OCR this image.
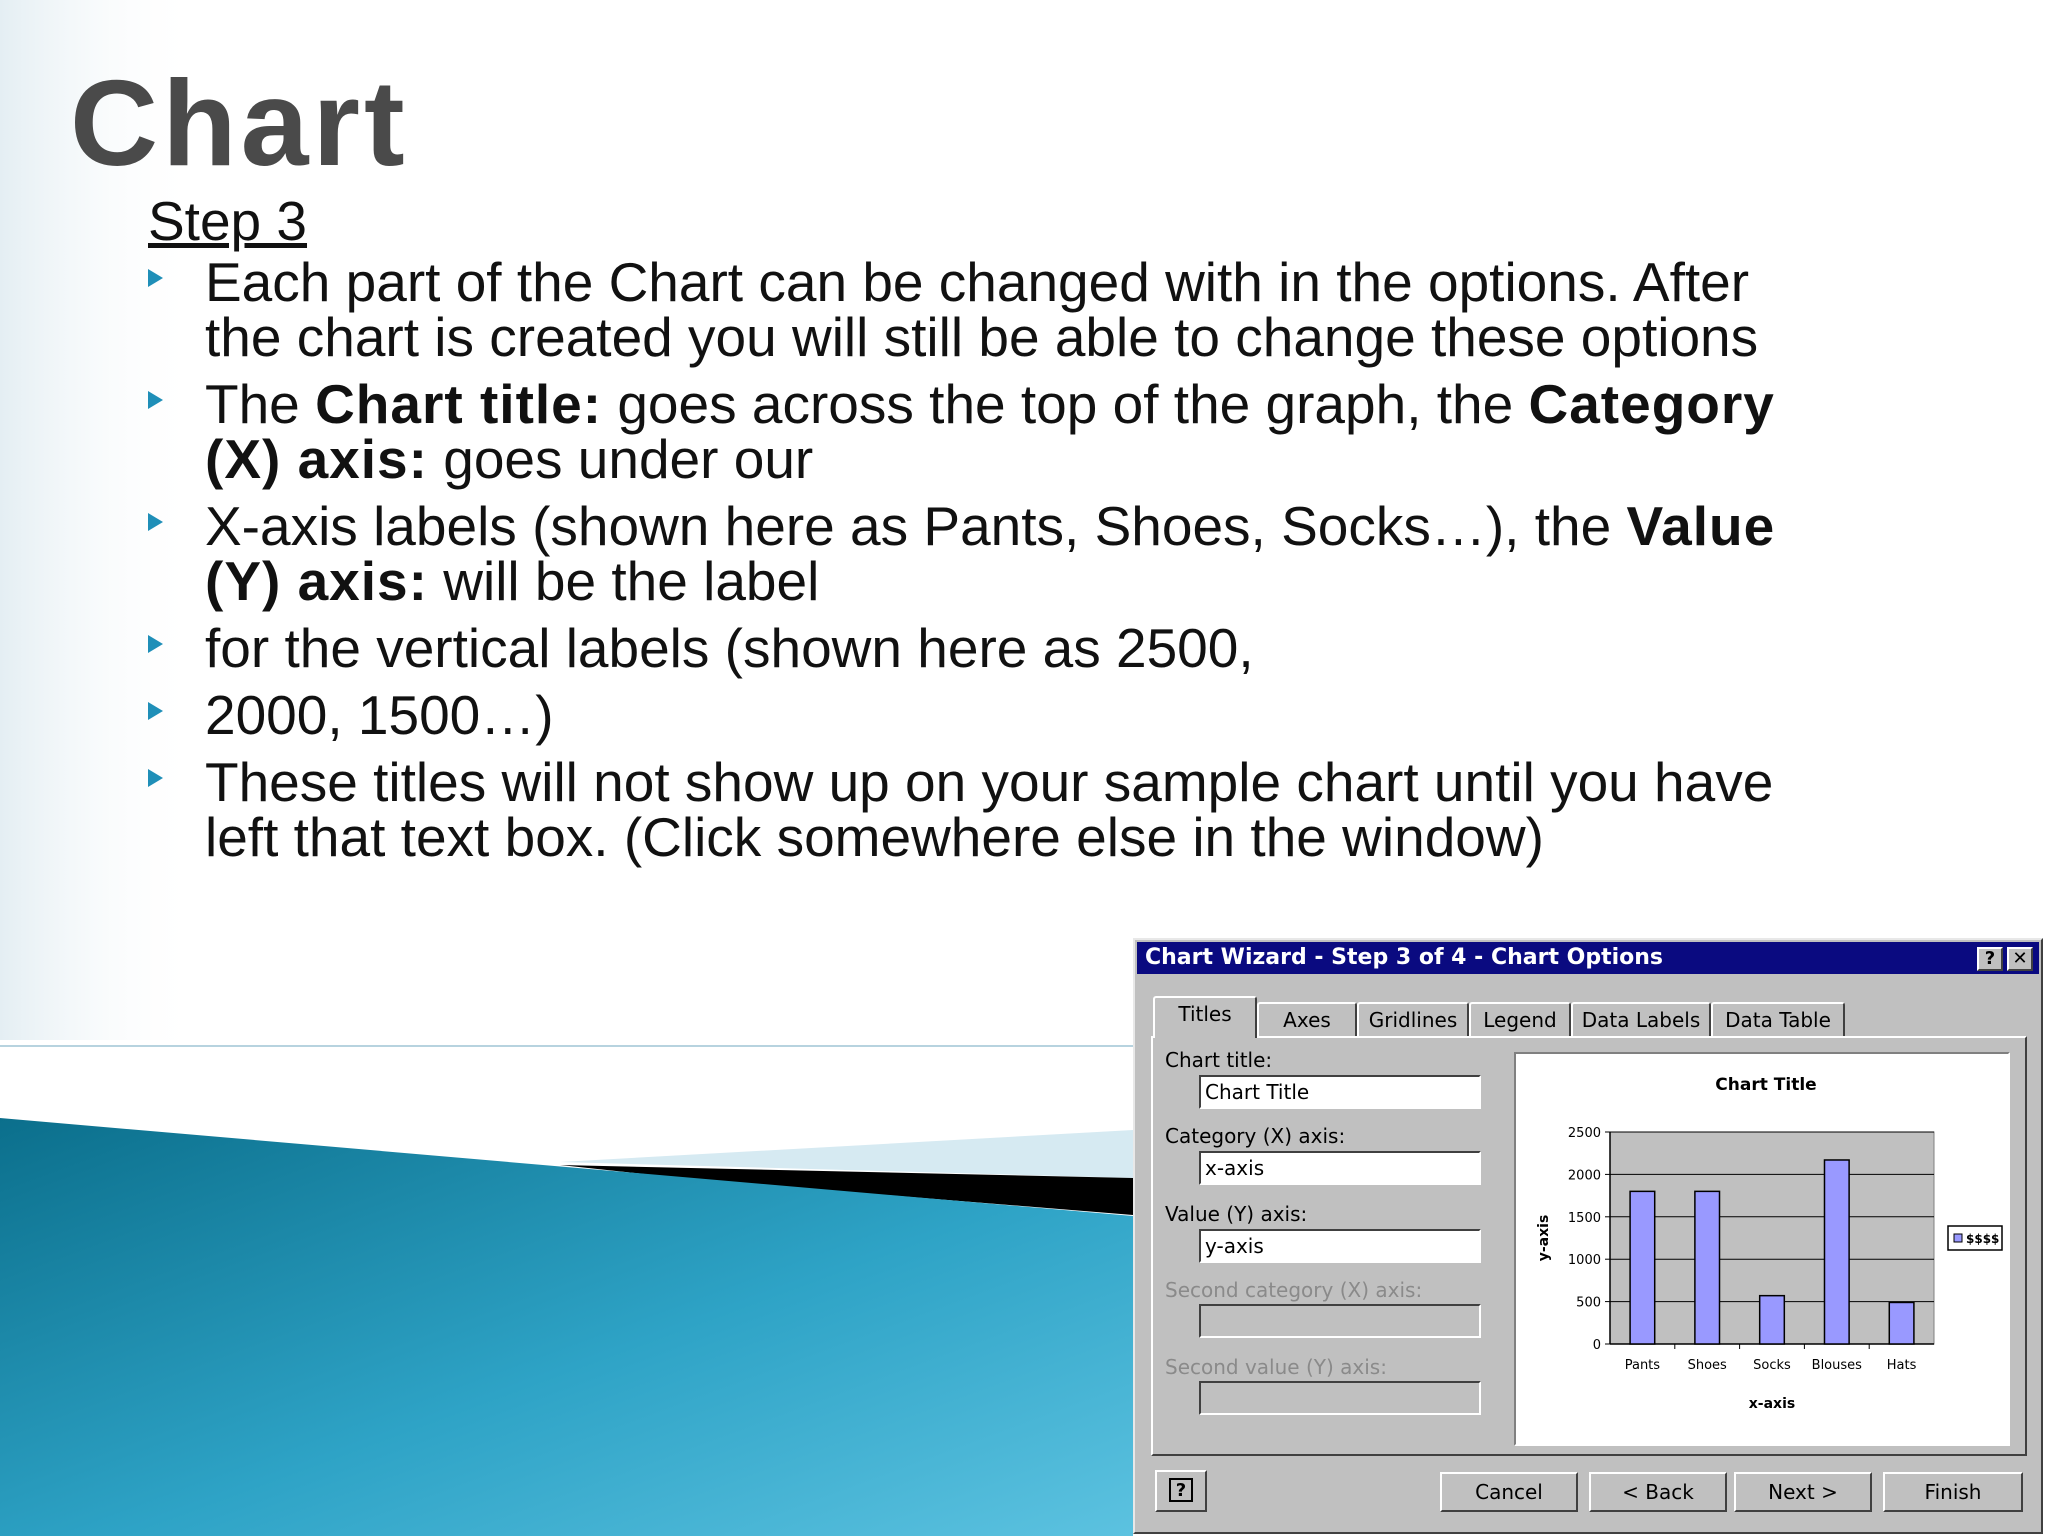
Chart
Step 3
Each part of the Chart can be changed with in the options. After the chart is created you will still be able to change these options
The Chart title: goes across the top of the graph, the Category (X) axis: goes under our
X-axis labels (shown here as Pants, Shoes, Socks…), the Value (Y) axis: will be the label
for the vertical labels (shown here as 2500,
2000, 1500…)
These titles will not show up on your sample chart until you have left that text box. (Click somewhere else in the window)
Chart Wizard - Step 3 of 4 - Chart Options	? ✕
Titles	Axes	Gridlines	Legend	Data Labels	Data Table
Chart title:
Chart Title
Category (X) axis:
x-axis
Value (Y) axis:
y-axis
Second category (X) axis:
Second value (Y) axis:
Chart Title
0
500
1000
1500
2000
2500
Pants Shoes Socks Blouses Hats
x-axis
y-axis	$$$$
?	Cancel	< Back	Next >	Finish
